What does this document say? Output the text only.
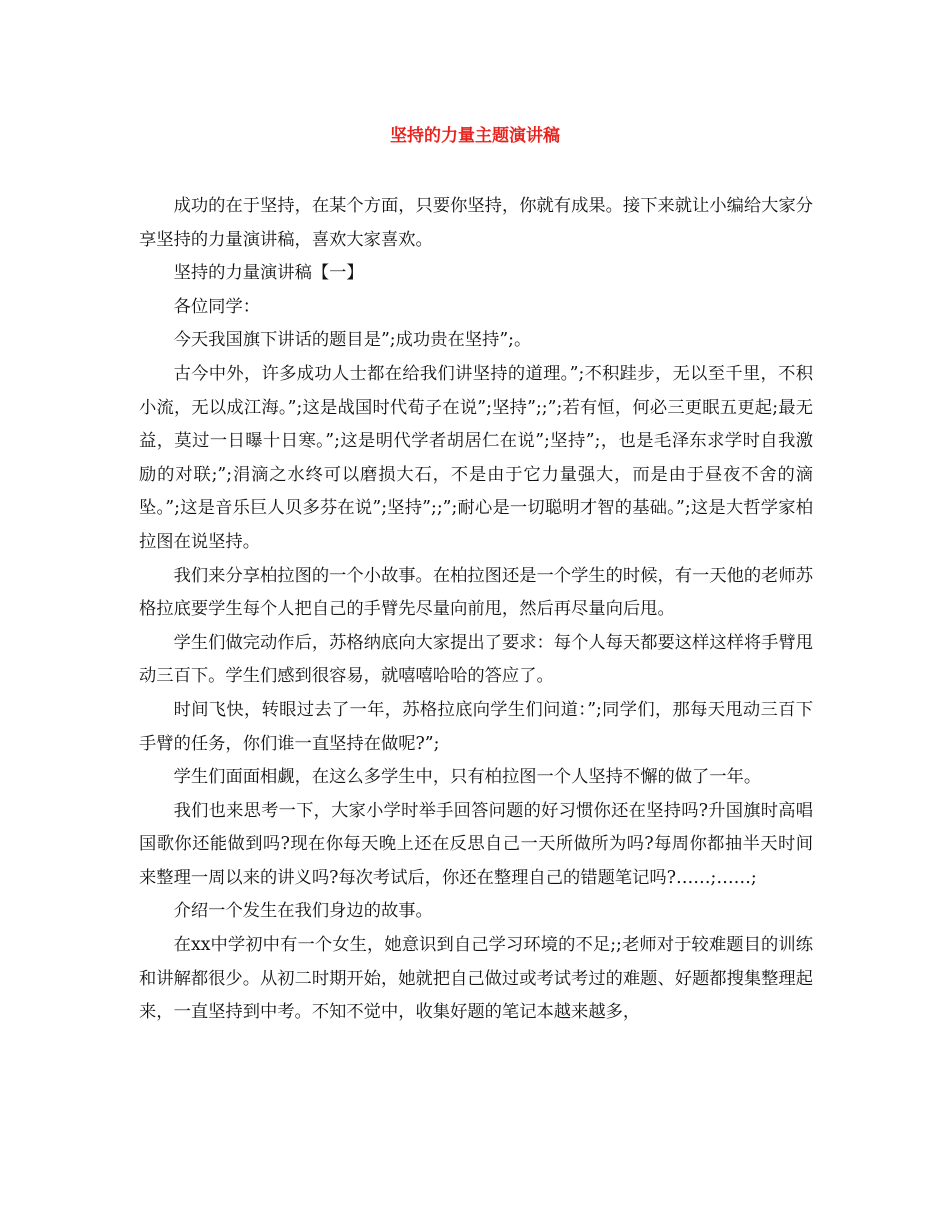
坚持的力量主题演讲稿

成功的在于坚持，在某个方面，只要你坚持，你就有成果。接下来就让小编给大家分享坚持的力量演讲稿，喜欢大家喜欢。

坚持的力量演讲稿【一】

各位同学：

今天我国旗下讲话的题目是”;成功贵在坚持”;。

古今中外，许多成功人士都在给我们讲坚持的道理。”;不积跬步，无以至千里，不积小流，无以成江海。”;这是战国时代荀子在说”;坚持”;;”;若有恒，何必三更眠五更起;最无益，莫过一日曝十日寒。”;这是明代学者胡居仁在说”;坚持”;，也是毛泽东求学时自我激励的对联;”;涓滴之水终可以磨损大石，不是由于它力量强大，而是由于昼夜不舍的滴坠。”;这是音乐巨人贝多芬在说”;坚持”;;”;耐心是一切聪明才智的基础。”;这是大哲学家柏拉图在说坚持。

我们来分享柏拉图的一个小故事。在柏拉图还是一个学生的时候，有一天他的老师苏格拉底要学生每个人把自己的手臂先尽量向前甩，然后再尽量向后甩。

学生们做完动作后，苏格纳底向大家提出了要求：每个人每天都要这样这样将手臂甩动三百下。学生们感到很容易，就嘻嘻哈哈的答应了。

时间飞快，转眼过去了一年，苏格拉底向学生们问道：”;同学们，那每天甩动三百下手臂的任务，你们谁一直坚持在做呢?”;

学生们面面相觑，在这么多学生中，只有柏拉图一个人坚持不懈的做了一年。

我们也来思考一下，大家小学时举手回答问题的好习惯你还在坚持吗?升国旗时高唱国歌你还能做到吗?现在你每天晚上还在反思自己一天所做所为吗?每周你都抽半天时间来整理一周以来的讲义吗?每次考试后，你还在整理自己的错题笔记吗?……;……;

介绍一个发生在我们身边的故事。

在xx中学初中有一个女生，她意识到自己学习环境的不足;;老师对于较难题目的训练和讲解都很少。从初二时期开始，她就把自己做过或考试考过的难题、好题都搜集整理起来，一直坚持到中考。不知不觉中，收集好题的笔记本越来越多，
